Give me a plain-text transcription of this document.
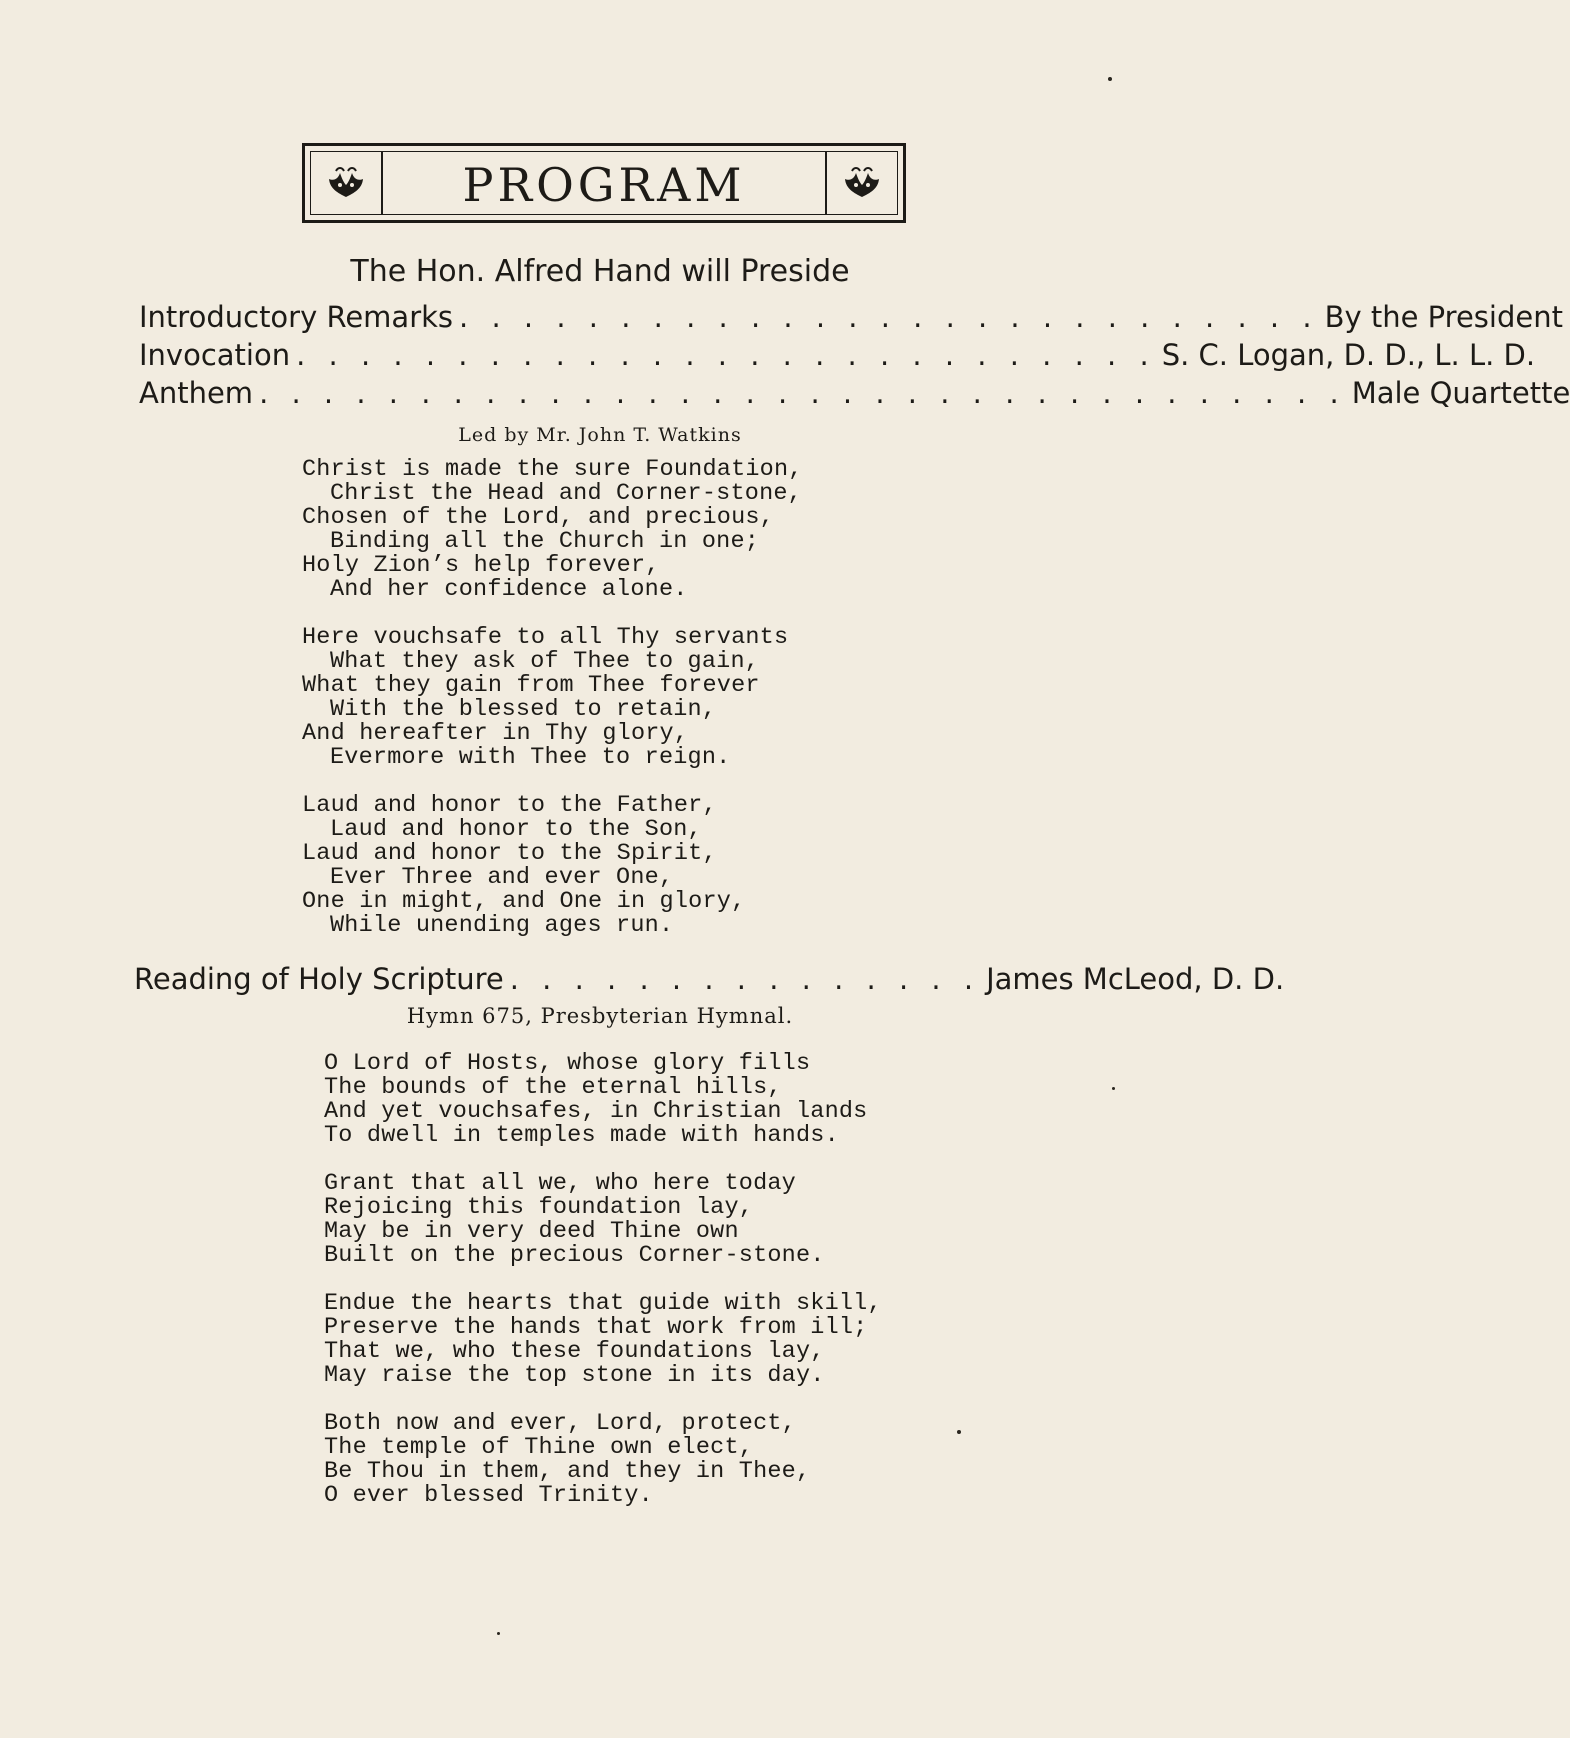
PROGRAM
The Hon. Alfred Hand will Preside
Introductory Remarks . . . . . . . . . . . . . . . . . . . . . . . . . . . By the President
Invocation . . . . . . . . . . . . . . . . . . . . . . . . . . . S. C. Logan, D. D., L. L. D.
Anthem . . . . . . . . . . . . . . . . . . . . . . . . . . . . . . . . . . Male Quartette
Led by Mr. John T. Watkins
Christ is made the sure Foundation,
Christ the Head and Corner-stone,
Chosen of the Lord, and precious,
Binding all the Church in one;
Holy Zion’s help forever,
And her confidence alone.
Here vouchsafe to all Thy servants
What they ask of Thee to gain,
What they gain from Thee forever
With the blessed to retain,
And hereafter in Thy glory,
Evermore with Thee to reign.
Laud and honor to the Father,
Laud and honor to the Son,
Laud and honor to the Spirit,
Ever Three and ever One,
One in might, and One in glory,
While unending ages run.
Reading of Holy Scripture . . . . . . . . . . . . . . . James McLeod, D. D.
Hymn 675, Presbyterian Hymnal.
O Lord of Hosts, whose glory fills
The bounds of the eternal hills,
And yet vouchsafes, in Christian lands
To dwell in temples made with hands.
Grant that all we, who here today
Rejoicing this foundation lay,
May be in very deed Thine own
Built on the precious Corner-stone.
Endue the hearts that guide with skill,
Preserve the hands that work from ill;
That we, who these foundations lay,
May raise the top stone in its day.
Both now and ever, Lord, protect,
The temple of Thine own elect,
Be Thou in them, and they in Thee,
O ever blessed Trinity.
